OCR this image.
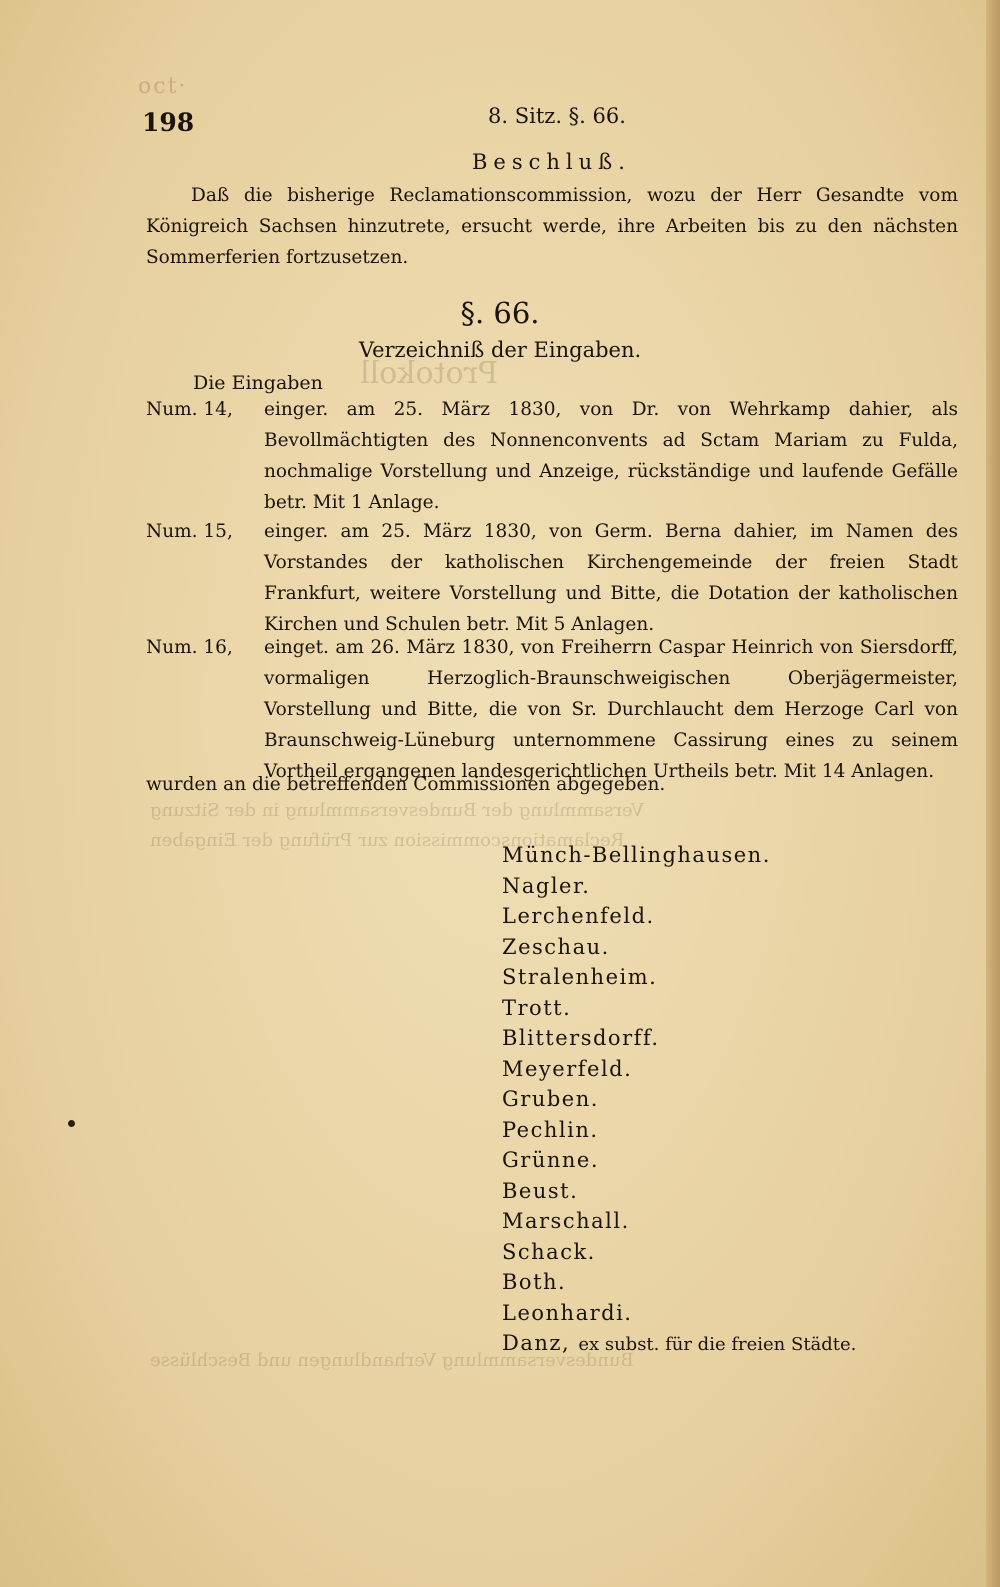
oct·
Protokoll
Versammlung der Bundesversammlung in der Sitzung
Reclamationscommission zur Prüfung der Eingaben
Bundesversammlung Verhandlungen und Beschlüsse
198	8. Sitz. §. 66.
Beschluß.
Daß die bisherige Reclamationscommission, wozu der Herr Gesandte vom Königreich Sachsen hinzutrete, ersucht werde, ihre Arbeiten bis zu den nächsten Sommerferien fortzusetzen.
§. 66.
Verzeichniß der Eingaben.
Die Eingaben
Num. 14, einger. am 25. März 1830, von Dr. von Wehrkamp dahier, als Bevollmächtigten des Nonnenconvents ad Sctam Mariam zu Fulda, nochmalige Vorstellung und Anzeige, rückständige und laufende Gefälle betr. Mit 1 Anlage.
Num. 15, einger. am 25. März 1830, von Germ. Berna dahier, im Namen des Vorstandes der katholischen Kirchengemeinde der freien Stadt Frankfurt, weitere Vorstellung und Bitte, die Dotation der katholischen Kirchen und Schulen betr. Mit 5 Anlagen.
Num. 16, einget. am 26. März 1830, von Freiherrn Caspar Heinrich von Siersdorff, vormaligen Herzoglich-Braunschweigischen Oberjägermeister, Vorstellung und Bitte, die von Sr. Durchlaucht dem Herzoge Carl von Braunschweig-Lüneburg unternommene Cassirung eines zu seinem Vortheil ergangenen landesgerichtlichen Urtheils betr. Mit 14 Anlagen.
wurden an die betreffenden Commissionen abgegeben.
Münch-Bellinghausen.
Nagler.
Lerchenfeld.
Zeschau.
Stralenheim.
Trott.
Blittersdorff.
Meyerfeld.
Gruben.
Pechlin.
Grünne.
Beust.
Marschall.
Schack.
Both.
Leonhardi.
Danz, ex subst. für die freien Städte.
